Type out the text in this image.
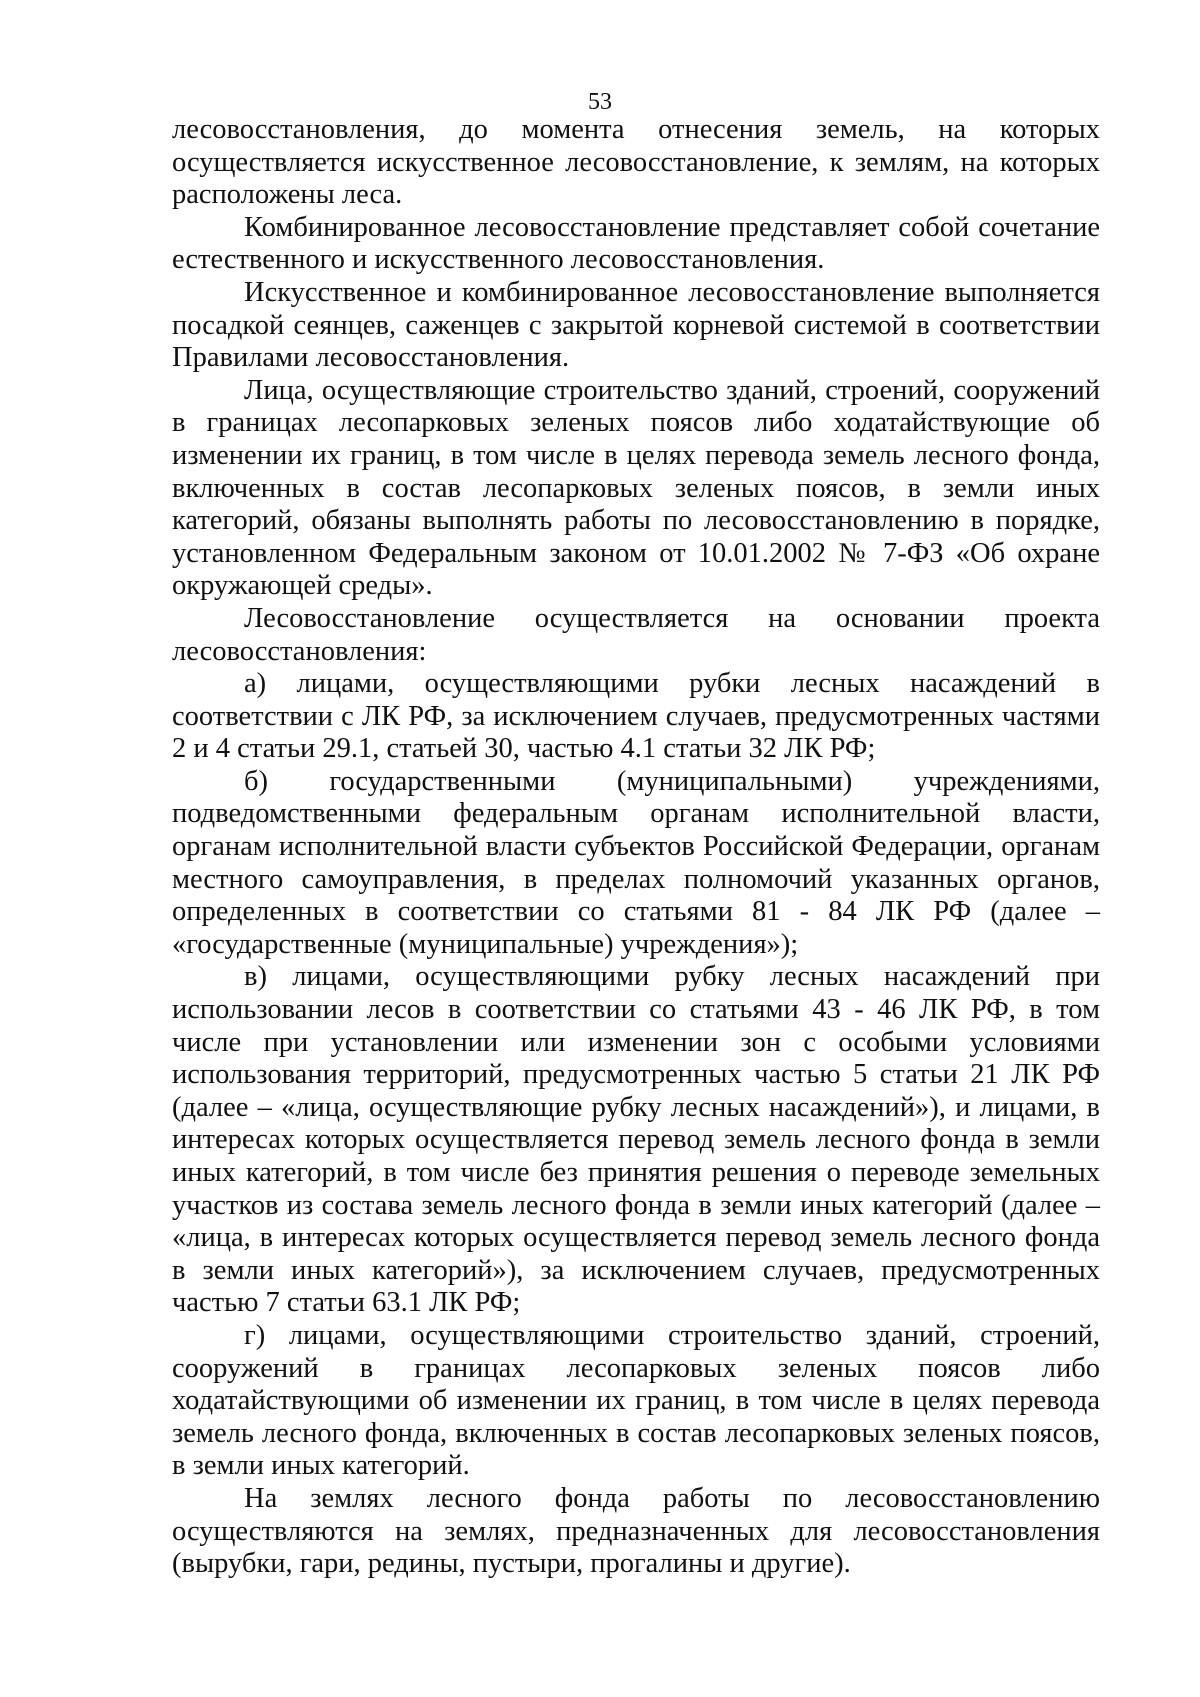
53

лесовосстановления, до момента отнесения земель, на которых осуществляется искусственное лесовосстановление, к землям, на которых расположены леса.

Комбинированное лесовосстановление представляет собой сочетание естественного и искусственного лесовосстановления.

Искусственное и комбинированное лесовосстановление выполняется посадкой сеянцев, саженцев с закрытой корневой системой в соответствии Правилами лесовосстановления.

Лица, осуществляющие строительство зданий, строений, сооружений в границах лесопарковых зеленых поясов либо ходатайствующие об изменении их границ, в том числе в целях перевода земель лесного фонда, включенных в состав лесопарковых зеленых поясов, в земли иных категорий, обязаны выполнять работы по лесовосстановлению в порядке, установленном Федеральным законом от 10.01.2002 № 7-ФЗ «Об охране окружающей среды».

Лесовосстановление осуществляется на основании проекта лесовосстановления:

а) лицами, осуществляющими рубки лесных насаждений в соответствии с ЛК РФ, за исключением случаев, предусмотренных частями 2 и 4 статьи 29.1, статьей 30, частью 4.1 статьи 32 ЛК РФ;

б) государственными (муниципальными) учреждениями, подведомственными федеральным органам исполнительной власти, органам исполнительной власти субъектов Российской Федерации, органам местного самоуправления, в пределах полномочий указанных органов, определенных в соответствии со статьями 81 - 84 ЛК РФ (далее – «государственные (муниципальные) учреждения»);

в) лицами, осуществляющими рубку лесных насаждений при использовании лесов в соответствии со статьями 43 - 46 ЛК РФ, в том числе при установлении или изменении зон с особыми условиями использования территорий, предусмотренных частью 5 статьи 21 ЛК РФ (далее – «лица, осуществляющие рубку лесных насаждений»), и лицами, в интересах которых осуществляется перевод земель лесного фонда в земли иных категорий, в том числе без принятия решения о переводе земельных участков из состава земель лесного фонда в земли иных категорий (далее – «лица, в интересах которых осуществляется перевод земель лесного фонда в земли иных категорий»), за исключением случаев, предусмотренных частью 7 статьи 63.1 ЛК РФ;

г) лицами, осуществляющими строительство зданий, строений, сооружений в границах лесопарковых зеленых поясов либо ходатайствующими об изменении их границ, в том числе в целях перевода земель лесного фонда, включенных в состав лесопарковых зеленых поясов, в земли иных категорий.

На землях лесного фонда работы по лесовосстановлению осуществляются на землях, предназначенных для лесовосстановления (вырубки, гари, редины, пустыри, прогалины и другие).
